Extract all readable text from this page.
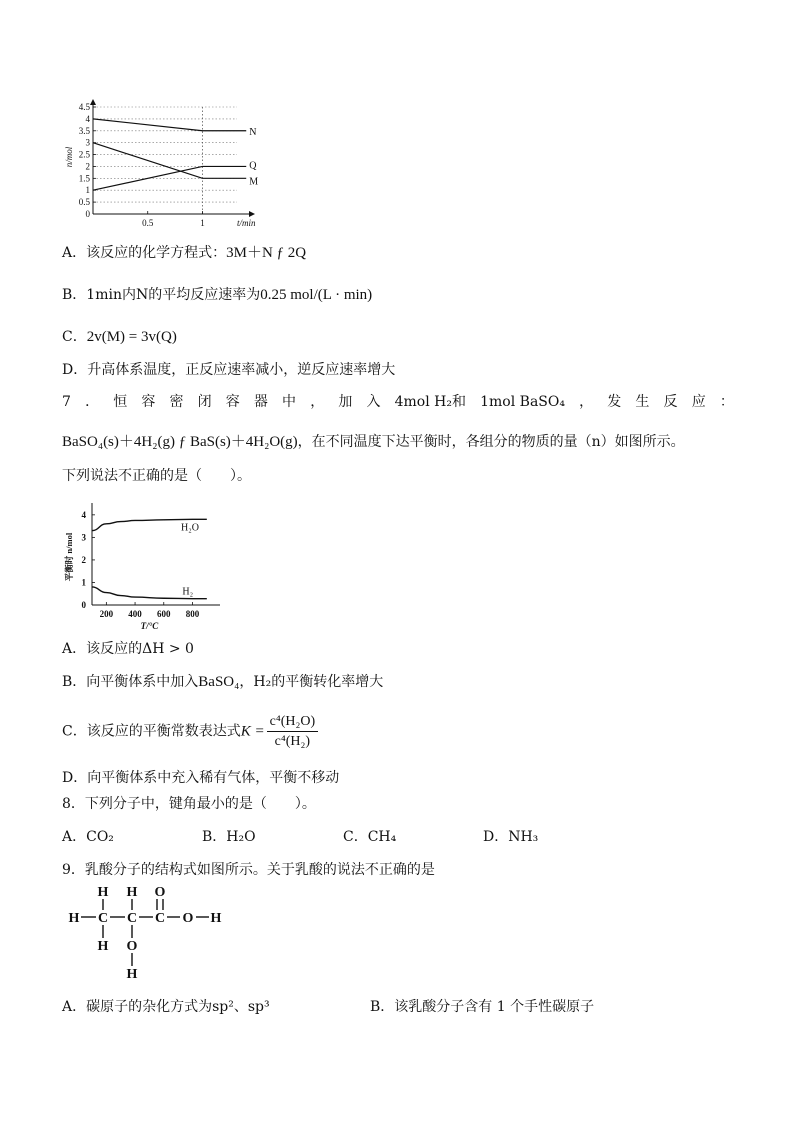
n/mol
t/min
N
Q
M
0
0.5
1
1.5
2
2.5
3
3.5
4
4.5
0.5	1
A．该反应的化学方程式：3M＋N ƒ 2Q
B．1min内N的平均反应速率为0.25 mol/(L · min)
C．2v(M) = 3v(Q)
D．升高体系温度，正反应速率减小，逆反应速率增大
7 ． 恒 容 密 闭 容 器 中 ， 加 入 4mol H₂和 1mol BaSO₄ ， 发 生 反 应 ：
BaSO₄(s)＋4H₂(g) ƒ BaS(s)＋4H₂O(g)，在不同温度下达平衡时，各组分的物质的量（n）如图所示。
下列说法不正确的是（　　）。
平衡时 n/mol
T/°C
H₂O
H₂
0
1
2
3
4
200 400 600 800
A．该反应的ΔH > 0
B．向平衡体系中加入BaSO₄，H₂的平衡转化率增大
C．该反应的平衡常数表达式$K = \frac{\text{c⁴(H₂O)}}{\text{c⁴(H₂)}}$
D．向平衡体系中充入稀有气体，平衡不移动
8．下列分子中，键角最小的是（　　）。
A．CO₂	B．H₂O	C．CH₄	D．NH₃
9．乳酸分子的结构式如图所示。关于乳酸的说法不正确的是
H
H
H
C C C
O
O H
O
H
H
A．碳原子的杂化方式为sp²、sp³	B．该乳酸分子含有 1 个手性碳原子
